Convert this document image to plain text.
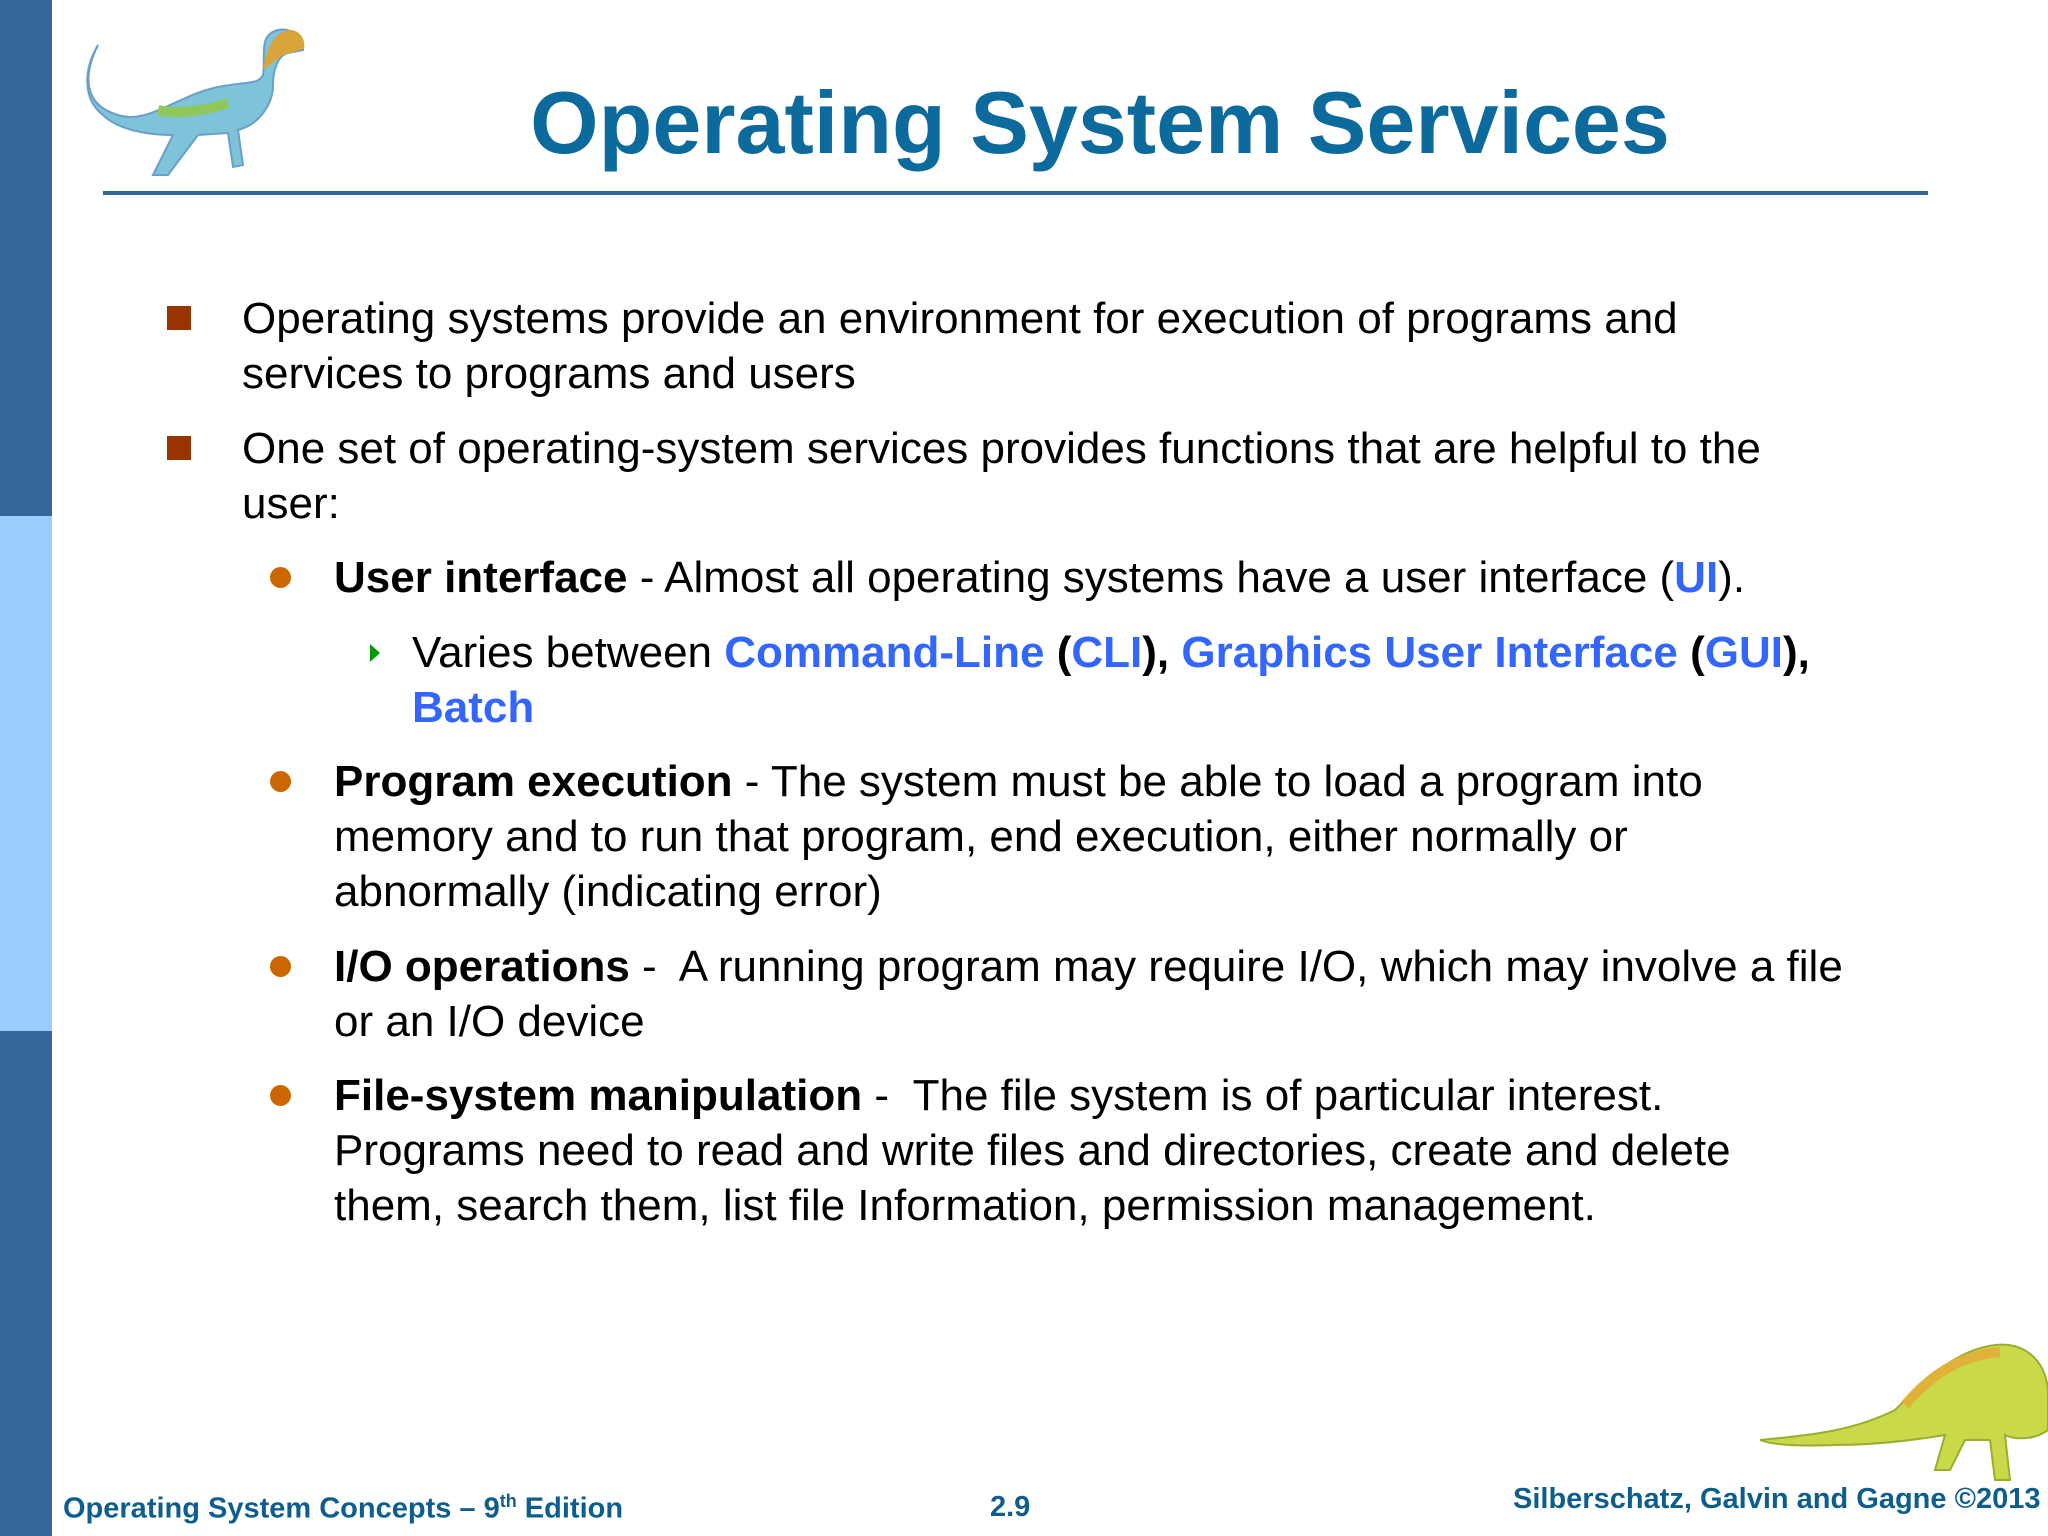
Operating System Services
Operating systems provide an environment for execution of programs and services to programs and users
One set of operating-system services provides functions that are helpful to the user:
User interface - Almost all operating systems have a user interface (UI).
Varies between Command-Line (CLI), Graphics User Interface (GUI),
Batch
Program execution - The system must be able to load a program into memory and to run that program, end execution, either normally or abnormally (indicating error)
I/O operations -  A running program may require I/O, which may involve a file or an I/O device
File-system manipulation -  The file system is of particular interest. Programs need to read and write files and directories, create and delete them, search them, list file Information, permission management.
Operating System Concepts – 9th Edition	2.9	Silberschatz, Galvin and Gagne ©2013
